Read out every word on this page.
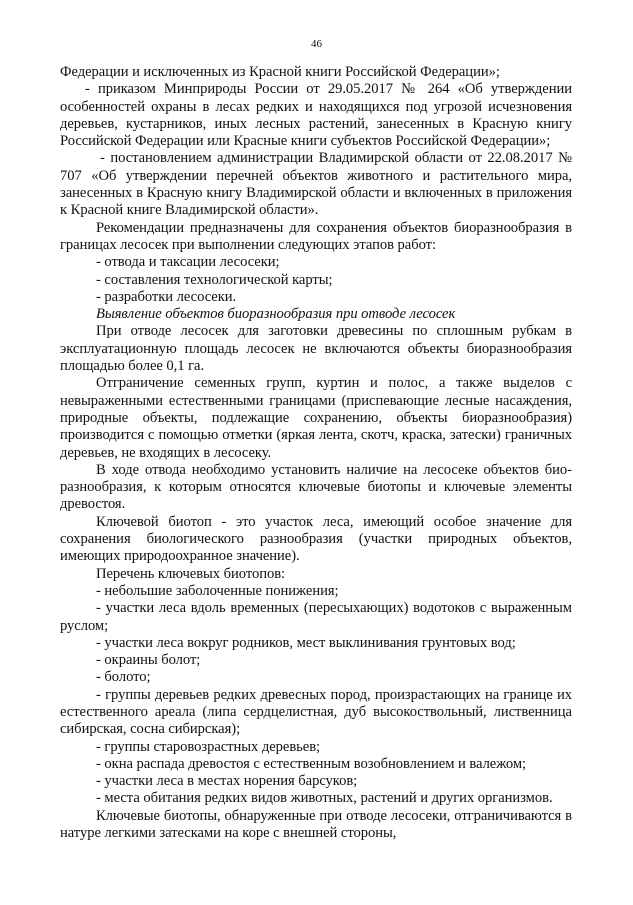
46

Федерации и исключенных из Красной книги Российской Федерации»;

- приказом Минприроды России от 29.05.2017 № 264 «Об утверждении особенностей охраны в лесах редких и находящихся под угрозой исчезновения деревьев, кустарников, иных лесных растений, занесенных в Красную книгу Российской Федерации или Красные книги субъектов Российской Федерации»;

- постановлением администрации Владимирской области от 22.08.2017 № 707 «Об утверждении перечней объектов животного и растительного мира, занесенных в Красную книгу Владимирской области и включенных в приложения к Красной книге Владимирской области».

Рекомендации предназначены для сохранения объектов биоразнообразия в границах лесосек при выполнении следующих этапов работ:

- отвода и таксации лесосеки;

- составления технологической карты;

- разработки лесосеки.

Выявление объектов биоразнообразия при отводе лесосек

При отводе лесосек для заготовки древесины по сплошным рубкам в эксплуатационную площадь лесосек не включаются объекты биоразнообразия площадью более 0,1 га.

Отграничение семенных групп, куртин и полос, а также выделов с невыраженными естественными границами (приспевающие лесные насаждения, природные объекты, подлежащие сохранению, объекты биоразнообразия) производится с помощью отметки (яркая лента, скотч, краска, затески) граничных деревьев, не входящих в лесосеку.

В ходе отвода необходимо установить наличие на лесосеке объектов био-разнообразия, к которым относятся ключевые биотопы и ключевые элементы древостоя.

Ключевой биотоп - это участок леса, имеющий особое значение для сохранения биологического разнообразия (участки природных объектов, имеющих природоохранное значение).

Перечень ключевых биотопов:

- небольшие заболоченные понижения;

- участки леса вдоль временных (пересыхающих) водотоков с выраженным руслом;

- участки леса вокруг родников, мест выклинивания грунтовых вод;

- окраины болот;

- болото;

- группы деревьев редких древесных пород, произрастающих на границе их естественного ареала (липа сердцелистная, дуб высокоствольный, лиственница сибирская, сосна сибирская);

- группы старовозрастных деревьев;

- окна распада древостоя с естественным возобновлением и валежом;

- участки леса в местах норения барсуков;

- места обитания редких видов животных, растений и других организмов.

Ключевые биотопы, обнаруженные при отводе лесосеки, отграничиваются в натуре легкими затесками на коре с внешней стороны,
